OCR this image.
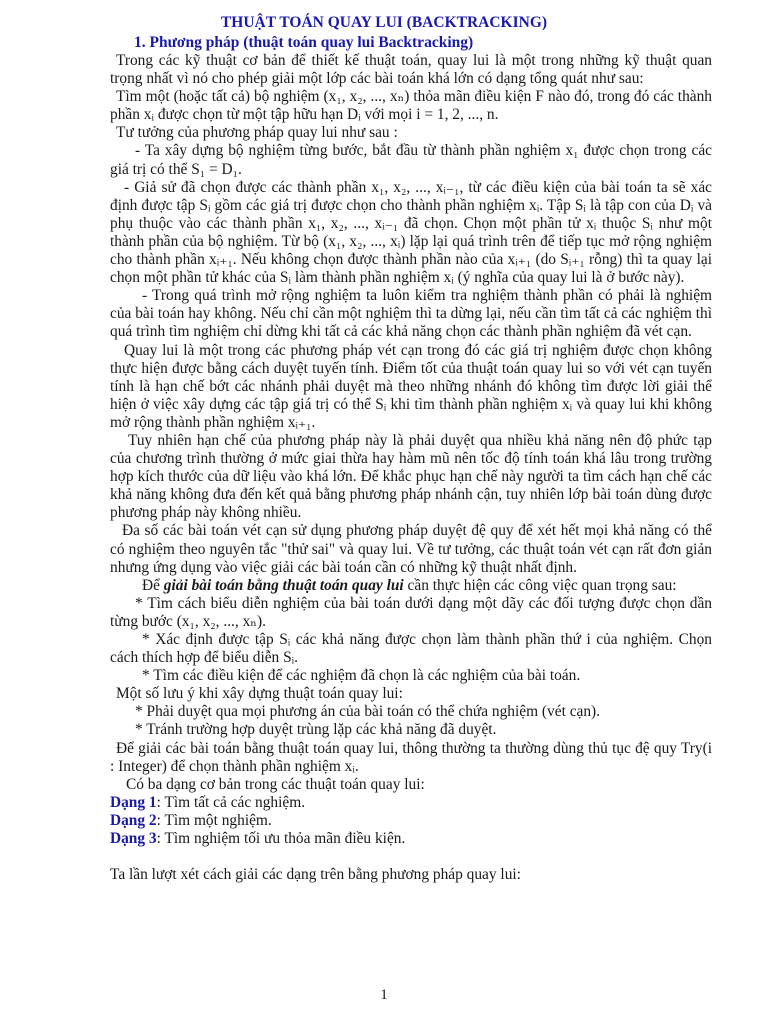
THUẬT TOÁN QUAY LUI (BACKTRACKING)
1. Phương pháp (thuật toán quay lui Backtracking)

Trong các kỹ thuật cơ bản để thiết kế thuật toán, quay lui là một trong những kỹ thuật quan trọng nhất vì nó cho phép giải một lớp các bài toán khá lớn có dạng tổng quát như sau:

Tìm một (hoặc tất cả) bộ nghiệm (x₁, x₂, ..., xₙ) thỏa mãn điều kiện F nào đó, trong đó các thành phần xᵢ được chọn từ một tập hữu hạn Dᵢ với mọi i = 1, 2, ..., n.

Tư tưởng của phương pháp quay lui như sau :

- Ta xây dựng bộ nghiệm từng bước, bắt đầu từ thành phần nghiệm x₁ được chọn trong các giá trị có thể S₁ = D₁.

- Giả sử đã chọn được các thành phần x₁, x₂, ..., xᵢ₋₁, từ các điều kiện của bài toán ta sẽ xác định được tập Sᵢ gồm các giá trị được chọn cho thành phần nghiệm xᵢ. Tập Sᵢ là tập con của Dᵢ và phụ thuộc vào các thành phần x₁, x₂, ..., xᵢ₋₁ đã chọn. Chọn một phần tử xᵢ thuộc Sᵢ như một thành phần của bộ nghiệm. Từ bộ (x₁, x₂, ..., xᵢ) lặp lại quá trình trên để tiếp tục mở rộng nghiệm cho thành phần xᵢ₊₁. Nếu không chọn được thành phần nào của xᵢ₊₁ (do Sᵢ₊₁ rỗng) thì ta quay lại chọn một phần tử khác của Sᵢ làm thành phần nghiệm xᵢ (ý nghĩa của quay lui là ở bước này).

- Trong quá trình mở rộng nghiệm ta luôn kiểm tra nghiệm thành phần có phải là nghiệm của bài toán hay không. Nếu chỉ cần một nghiệm thì ta dừng lại, nếu cần tìm tất cả các nghiệm thì quá trình tìm nghiệm chỉ dừng khi tất cả các khả năng chọn các thành phần nghiệm đã vét cạn.

Quay lui là một trong các phương pháp vét cạn trong đó các giá trị nghiệm được chọn không thực hiện được bằng cách duyệt tuyến tính. Điểm tốt của thuật toán quay lui so với vét cạn tuyến tính là hạn chế bớt các nhánh phải duyệt mà theo những nhánh đó không tìm được lời giải thể hiện ở việc xây dựng các tập giá trị có thể Sᵢ khi tìm thành phần nghiệm xᵢ và quay lui khi không mở rộng thành phần nghiệm xᵢ₊₁.

Tuy nhiên hạn chế của phương pháp này là phải duyệt qua nhiều khả năng nên độ phức tạp của chương trình thường ở mức giai thừa hay hàm mũ nên tốc độ tính toán khá lâu trong trường hợp kích thước của dữ liệu vào khá lớn. Để khắc phục hạn chế này người ta tìm cách hạn chế các khả năng không đưa đến kết quả bằng phương pháp nhánh cận, tuy nhiên lớp bài toán dùng được phương pháp này không nhiều.

Đa số các bài toán vét cạn sử dụng phương pháp duyệt đệ quy để xét hết mọi khả năng có thể có nghiệm theo nguyên tắc "thử sai" và quay lui. Về tư tưởng, các thuật toán vét cạn rất đơn giản nhưng ứng dụng vào việc giải các bài toán cần có những kỹ thuật nhất định.

Để giải bài toán bằng thuật toán quay lui cần thực hiện các công việc quan trọng sau:

* Tìm cách biểu diễn nghiệm của bài toán dưới dạng một dãy các đối tượng được chọn dần từng bước (x₁, x₂, ..., xₙ).

* Xác định được tập Sᵢ các khả năng được chọn làm thành phần thứ i của nghiệm. Chọn cách thích hợp để biểu diễn Sᵢ.

* Tìm các điều kiện để các nghiệm đã chọn là các nghiệm của bài toán.

Một số lưu ý khi xây dựng thuật toán quay lui:

* Phải duyệt qua mọi phương án của bài toán có thể chứa nghiệm (vét cạn).

* Tránh trường hợp duyệt trùng lặp các khả năng đã duyệt.

Để giải các bài toán bằng thuật toán quay lui, thông thường ta thường dùng thủ tục đệ quy Try(i : Integer) để chọn thành phần nghiệm xᵢ.

Có ba dạng cơ bản trong các thuật toán quay lui:

Dạng 1: Tìm tất cả các nghiệm.

Dạng 2: Tìm một nghiệm.

Dạng 3: Tìm nghiệm tối ưu thỏa mãn điều kiện.

Ta lần lượt xét cách giải các dạng trên bằng phương pháp quay lui:

1
